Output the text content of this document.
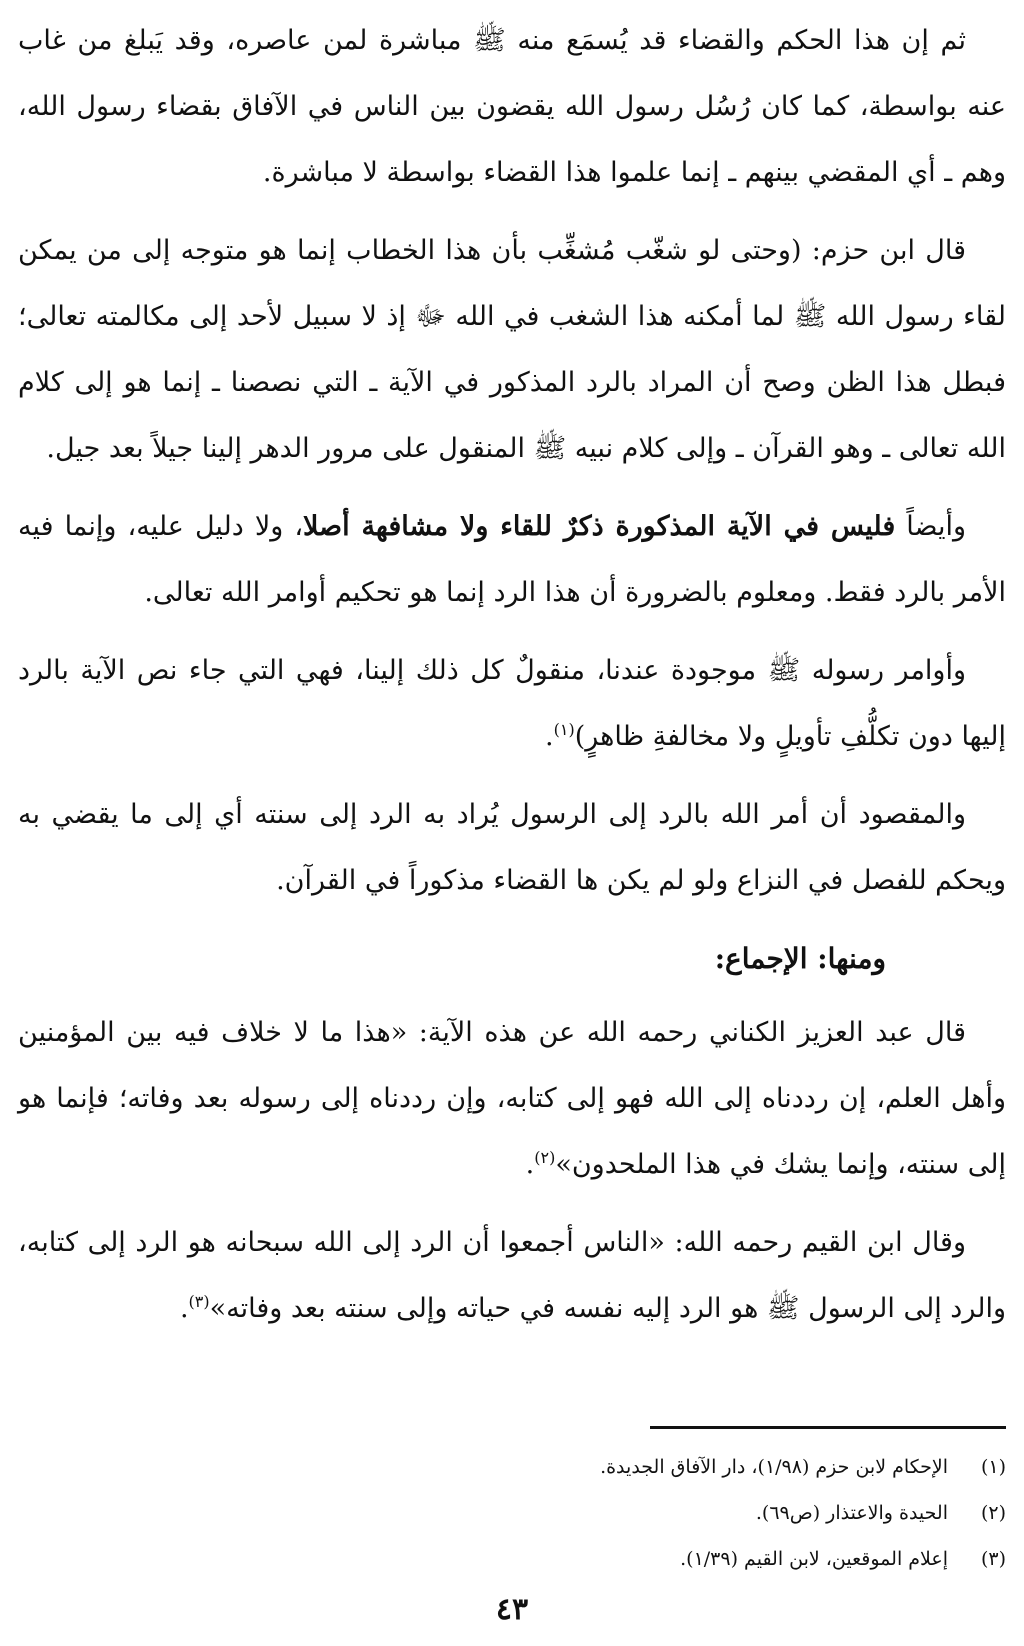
ثم إن هذا الحكم والقضاء قد يُسمَع منه ﷺ مباشرة لمن عاصره، وقد يَبلغ من غاب عنه بواسطة، كما كان رُسُل رسول الله يقضون بين الناس في الآفاق بقضاء رسول الله، وهم ـ أي المقضي بينهم ـ إنما علموا هذا القضاء بواسطة لا مباشرة.

قال ابن حزم: (وحتى لو شغّب مُشغِّب بأن هذا الخطاب إنما هو متوجه إلى من يمكن لقاء رسول الله ﷺ لما أمكنه هذا الشغب في الله ﷻ إذ لا سبيل لأحد إلى مكالمته تعالى؛ فبطل هذا الظن وصح أن المراد بالرد المذكور في الآية ـ التي نصصنا ـ إنما هو إلى كلام الله تعالى ـ وهو القرآن ـ وإلى كلام نبيه ﷺ المنقول على مرور الدهر إلينا جيلاً بعد جيل.

وأيضاً فليس في الآية المذكورة ذكرٌ للقاء ولا مشافهة أصلا، ولا دليل عليه، وإنما فيه الأمر بالرد فقط. ومعلوم بالضرورة أن هذا الرد إنما هو تحكيم أوامر الله تعالى.

وأوامر رسوله ﷺ موجودة عندنا، منقولٌ كل ذلك إلينا، فهي التي جاء نص الآية بالرد إليها دون تكلُّفِ تأويلٍ ولا مخالفةِ ظاهرٍ)$^{(١)}$.

والمقصود أن أمر الله بالرد إلى الرسول يُراد به الرد إلى سنته أي إلى ما يقضي به ويحكم للفصل في النزاع ولو لم يكن ها القضاء مذكوراً في القرآن.

ومنها: الإجماع:

قال عبد العزيز الكناني رحمه الله عن هذه الآية: «هذا ما لا خلاف فيه بين المؤمنين وأهل العلم، إن رددناه إلى الله فهو إلى كتابه، وإن رددناه إلى رسوله بعد وفاته؛ فإنما هو إلى سنته، وإنما يشك في هذا الملحدون»$^{(٢)}$.

وقال ابن القيم رحمه الله: «الناس أجمعوا أن الرد إلى الله سبحانه هو الرد إلى كتابه، والرد إلى الرسول ﷺ هو الرد إليه نفسه في حياته وإلى سنته بعد وفاته»$^{(٣)}$.

(١)
الإحكام لابن حزم (١/٩٨)، دار الآفاق الجديدة.
(٢)
الحيدة والاعتذار (ص٦٩).
(٣)
إعلام الموقعين، لابن القيم (١/٣٩).
٤٣
